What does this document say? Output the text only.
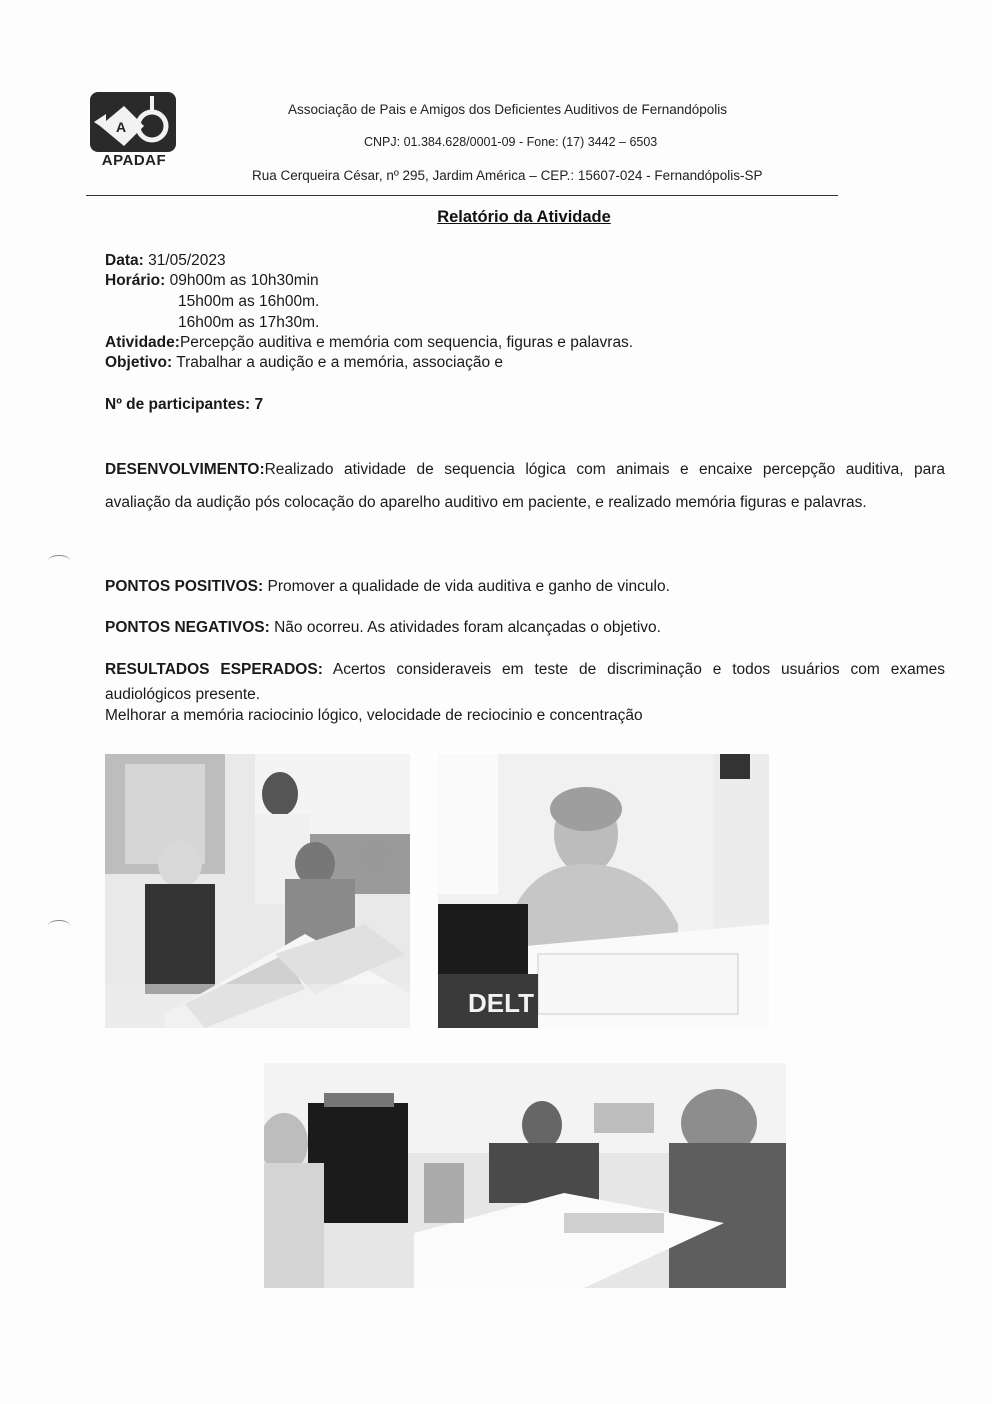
A
APADAF
Associação de Pais e Amigos dos Deficientes Auditivos de Fernandópolis
CNPJ: 01.384.628/0001-09 - Fone: (17) 3442 – 6503
Rua Cerqueira César, nº 295, Jardim América – CEP.: 15607-024 - Fernandópolis-SP
Relatório da Atividade
Data: 31/05/2023
Horário: 09h00m as 10h30min
15h00m as 16h00m.
16h00m as 17h30m.
Atividade:Percepção auditiva e memória com sequencia, figuras e palavras.
Objetivo: Trabalhar a audição e a memória, associação e
Nº de participantes: 7
DESENVOLVIMENTO:Realizado atividade de sequencia lógica com animais e encaixe percepção auditiva, para avaliação da audição pós colocação do aparelho auditivo em paciente, e realizado memória figuras e palavras.
PONTOS POSITIVOS: Promover a qualidade de vida auditiva e ganho de vinculo.
PONTOS NEGATIVOS: Não ocorreu. As atividades foram alcançadas o objetivo.
RESULTADOS ESPERADOS: Acertos consideraveis em teste de discriminação e todos usuários com exames audiológicos presente.
Melhorar a memória raciocinio lógico, velocidade de reciocinio e concentração
DELT
